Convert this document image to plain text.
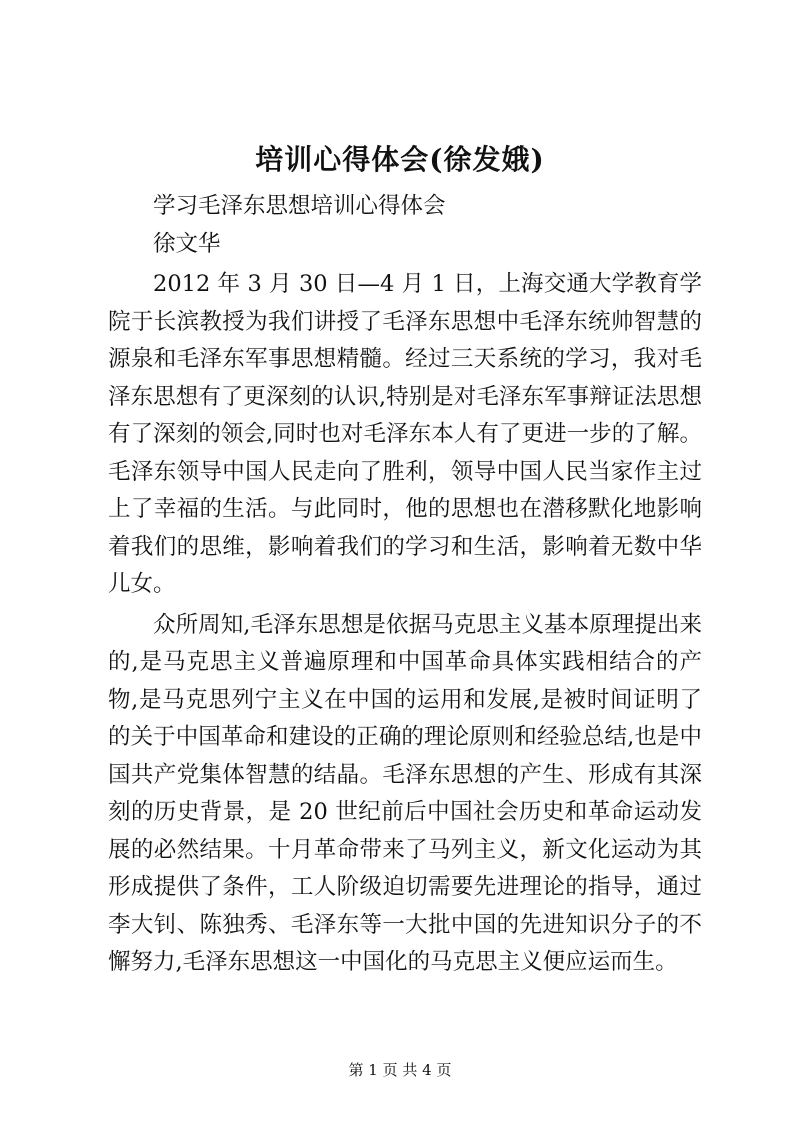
培训心得体会(徐发娥)

学习毛泽东思想培训心得体会

徐文华

2012 年 3 月 30 日—4 月 1 日，上海交通大学教育学院于长滨教授为我们讲授了毛泽东思想中毛泽东统帅智慧的源泉和毛泽东军事思想精髓。经过三天系统的学习，我对毛泽东思想有了更深刻的认识,特别是对毛泽东军事辩证法思想有了深刻的领会,同时也对毛泽东本人有了更进一步的了解。毛泽东领导中国人民走向了胜利，领导中国人民当家作主过上了幸福的生活。与此同时，他的思想也在潜移默化地影响着我们的思维，影响着我们的学习和生活，影响着无数中华儿女。

众所周知,毛泽东思想是依据马克思主义基本原理提出来的,是马克思主义普遍原理和中国革命具体实践相结合的产物,是马克思列宁主义在中国的运用和发展,是被时间证明了的关于中国革命和建设的正确的理论原则和经验总结,也是中国共产党集体智慧的结晶。毛泽东思想的产生、形成有其深刻的历史背景，是 20 世纪前后中国社会历史和革命运动发展的必然结果。十月革命带来了马列主义，新文化运动为其形成提供了条件，工人阶级迫切需要先进理论的指导，通过李大钊、陈独秀、毛泽东等一大批中国的先进知识分子的不懈努力,毛泽东思想这一中国化的马克思主义便应运而生。

第 1 页 共 4 页
